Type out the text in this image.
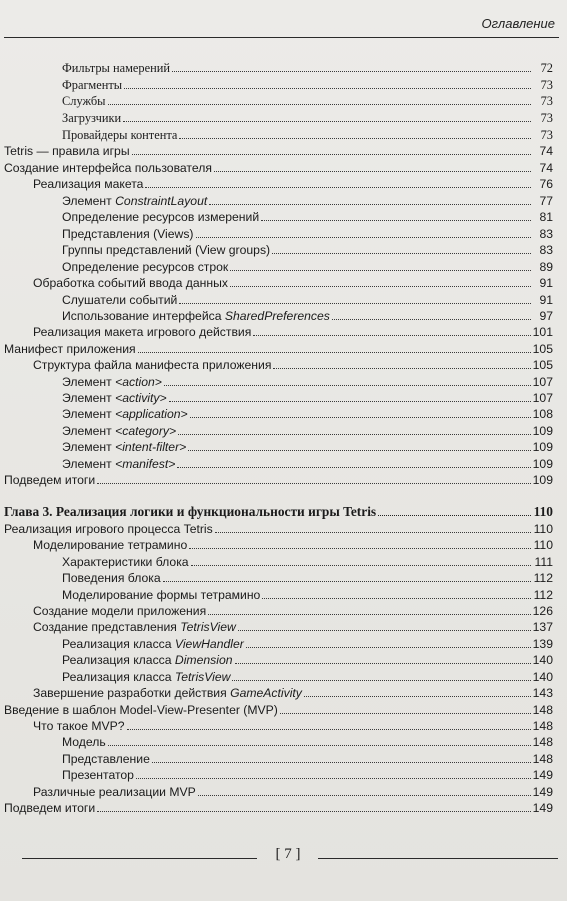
Оглавление
Фильтры намерений	72
Фрагменты	73
Службы	73
Загрузчики	73
Провайдеры контента	73
Tetris — правила игры	74
Создание интерфейса пользователя	74
Реализация макета	76
Элемент ConstraintLayout	77
Определение ресурсов измерений	81
Представления (Views)	83
Группы представлений (View groups)	83
Определение ресурсов строк	89
Обработка событий ввода данных	91
Слушатели событий	91
Использование интерфейса SharedPreferences	97
Реализация макета игрового действия	101
Манифест приложения	105
Структура файла манифеста приложения	105
Элемент <action>	107
Элемент <activity>	107
Элемент <application>	108
Элемент <category>	109
Элемент <intent-filter>	109
Элемент <manifest>	109
Подведем итоги	109
Глава 3. Реализация логики и функциональности игры Tetris	110
Реализация игрового процесса Tetris	110
Моделирование тетрамино	110
Характеристики блока	111
Поведения блока	112
Моделирование формы тетрамино	112
Создание модели приложения	126
Создание представления TetrisView	137
Реализация класса ViewHandler	139
Реализация класса Dimension	140
Реализация класса TetrisView	140
Завершение разработки действия GameActivity	143
Введение в шаблон Model-View-Presenter (MVP)	148
Что такое MVP?	148
Модель	148
Представление	148
Презентатор	149
Различные реализации MVP	149
Подведем итоги	149
[ 7 ]
